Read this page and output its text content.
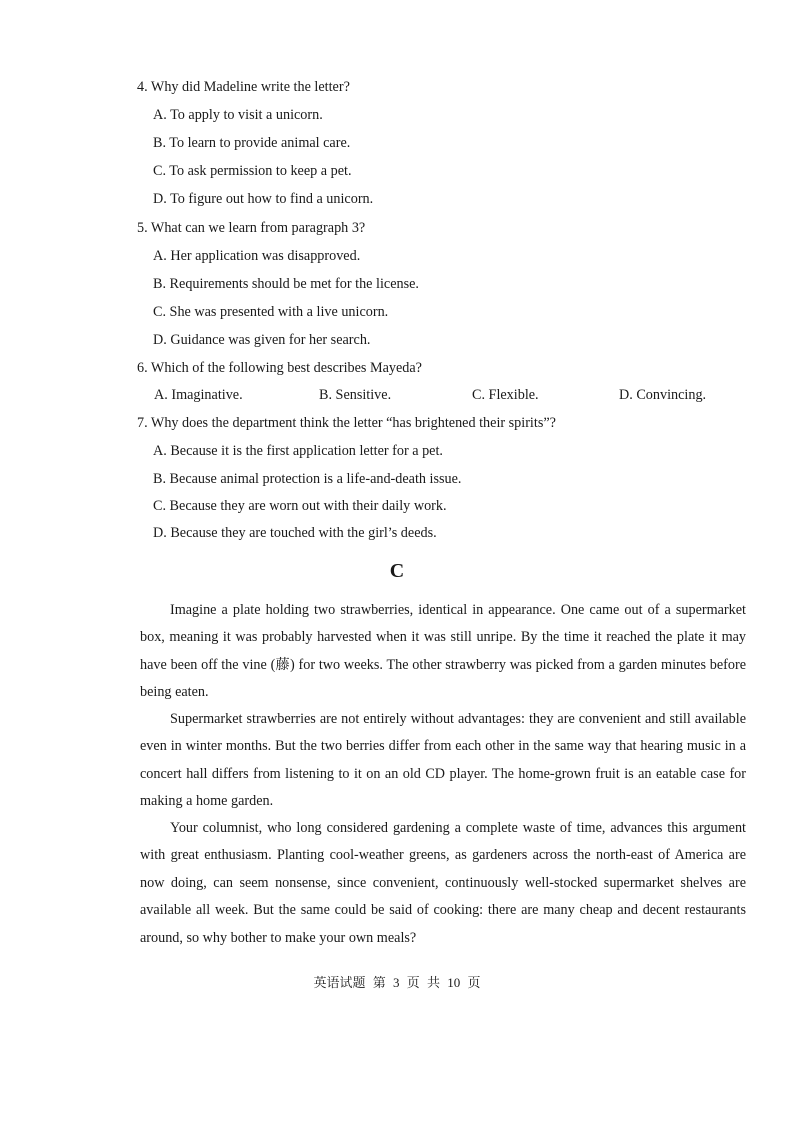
4. Why did Madeline write the letter?
A. To apply to visit a unicorn.
B. To learn to provide animal care.
C. To ask permission to keep a pet.
D. To figure out how to find a unicorn.
5. What can we learn from paragraph 3?
A. Her application was disapproved.
B. Requirements should be met for the license.
C. She was presented with a live unicorn.
D. Guidance was given for her search.
6. Which of the following best describes Mayeda?
A. Imaginative.	B. Sensitive.	C. Flexible.	D. Convincing.
7. Why does the department think the letter “has brightened their spirits”?
A. Because it is the first application letter for a pet.
B. Because animal protection is a life-and-death issue.
C. Because they are worn out with their daily work.
D. Because they are touched with the girl’s deeds.
C

Imagine a plate holding two strawberries, identical in appearance. One came out of a supermarket box, meaning it was probably harvested when it was still unripe. By the time it reached the plate it may have been off the vine (藤) for two weeks. The other strawberry was picked from a garden minutes before being eaten.

Supermarket strawberries are not entirely without advantages: they are convenient and still available even in winter months. But the two berries differ from each other in the same way that hearing music in a concert hall differs from listening to it on an old CD player. The home-grown fruit is an eatable case for making a home garden.

Your columnist, who long considered gardening a complete waste of time, advances this argument with great enthusiasm. Planting cool-weather greens, as gardeners across the north-east of America are now doing, can seem nonsense, since convenient, continuously well-stocked supermarket shelves are available all week. But the same could be said of cooking: there are many cheap and decent restaurants around, so why bother to make your own meals?

英语试题 第 3 页 共 10 页
